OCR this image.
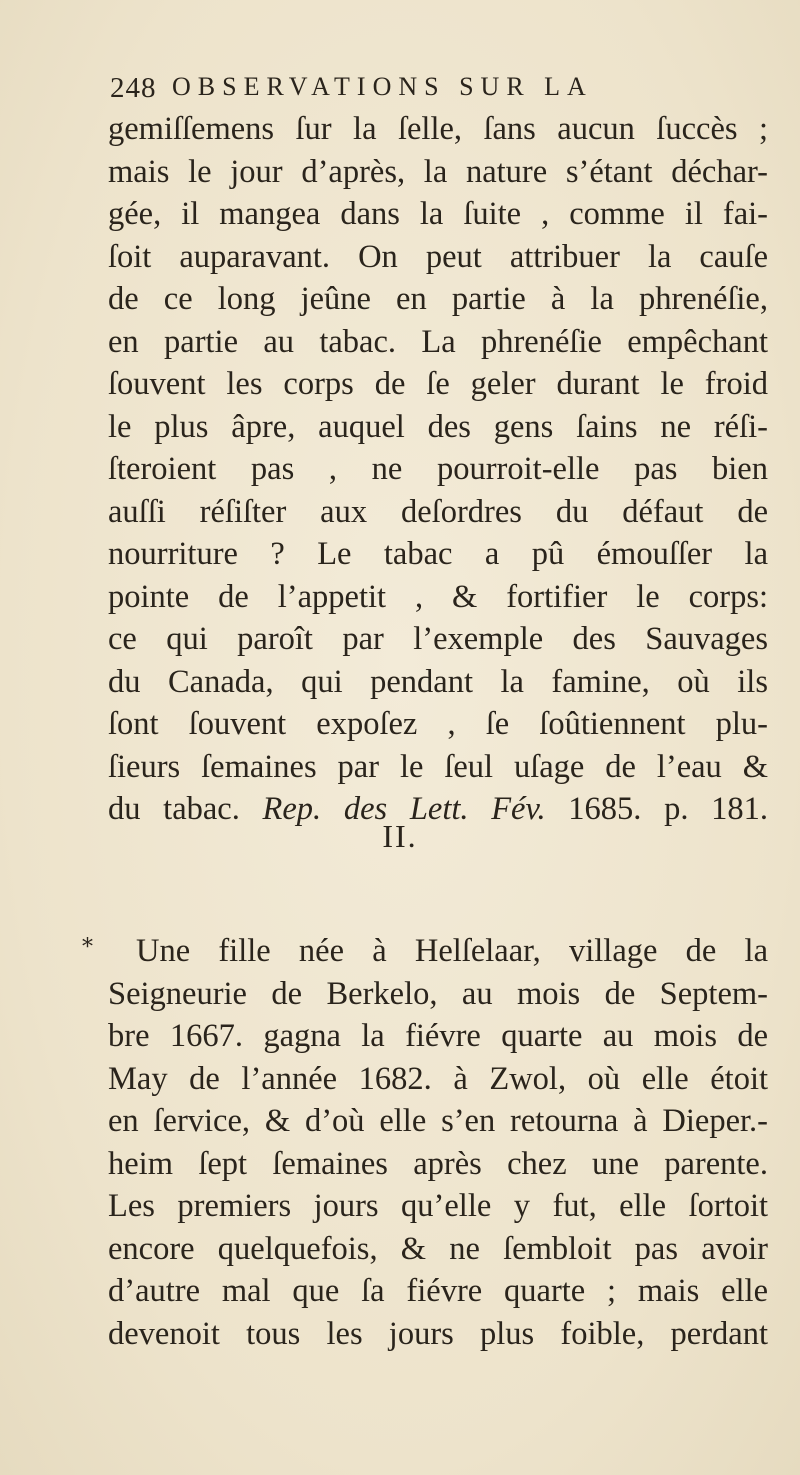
248 OBSERVATIONS SUR LA
gemiſſemens ſur la ſelle, ſans aucun ſuccès ;
mais le jour d’après, la nature s’étant déchar-
gée, il mangea dans la ſuite , comme il fai-
ſoit auparavant. On peut attribuer la cauſe
de ce long jeûne en partie à la phrenéſie,
en partie au tabac. La phrenéſie empêchant
ſouvent les corps de ſe geler durant le froid
le plus âpre, auquel des gens ſains ne réſi-
ſteroient pas , ne pourroit-elle pas bien
auſſi réſiſter aux deſordres du défaut de
nourriture ? Le tabac a pû émouſſer la
pointe de l’appetit , & fortifier le corps:
ce qui paroît par l’exemple des Sauvages
du Canada, qui pendant la famine, où ils
ſont ſouvent expoſez , ſe ſoûtiennent plu-
ſieurs ſemaines par le ſeul uſage de l’eau &
du tabac. Rep. des Lett. Fév. 1685. p. 181.
II.
*	Une fille née à Helſelaar, village de la
Seigneurie de Berkelo, au mois de Septem-
bre 1667. gagna la fiévre quarte au mois de
May de l’année 1682. à Zwol, où elle étoit
en ſervice, & d’où elle s’en retourna à Dieper.-
heim ſept ſemaines après chez une parente.
Les premiers jours qu’elle y fut, elle ſortoit
encore quelquefois, & ne ſembloit pas avoir
d’autre mal que ſa fiévre quarte ; mais elle
devenoit tous les jours plus foible, perdant
